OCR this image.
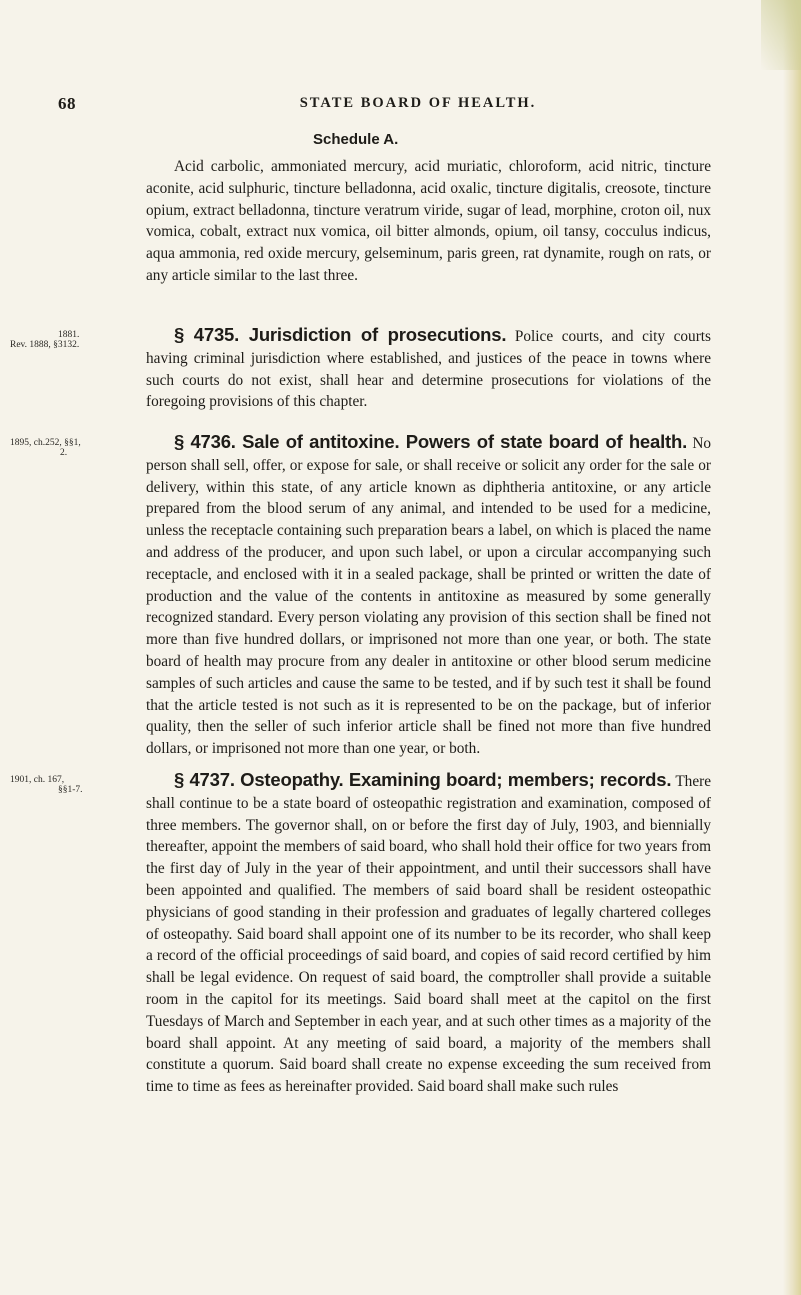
68	STATE BOARD OF HEALTH.
Schedule A.

Acid carbolic, ammoniated mercury, acid muriatic, chloroform, acid nitric, tincture aconite, acid sulphuric, tincture belladonna, acid oxalic, tincture digitalis, creosote, tincture opium, extract belladonna, tincture veratrum viride, sugar of lead, morphine, croton oil, nux vomica, cobalt, extract nux vomica, oil bitter almonds, opium, oil tansy, cocculus indicus, aqua ammonia, red oxide mercury, gelseminum, paris green, rat dynamite, rough on rats, or any article similar to the last three.

1881.
Rev. 1888, §3132.	§ 4735. Jurisdiction of prosecutions. Police courts, and city courts having criminal jurisdiction where established, and justices of the peace in towns where such courts do not exist, shall hear and determine prosecutions for violations of the foregoing provisions of this chapter.

1895, ch.252, §§1,
2.

§ 4736. Sale of antitoxine. Powers of state board of health. No person shall sell, offer, or expose for sale, or shall receive or solicit any order for the sale or delivery, within this state, of any article known as diphtheria antitoxine, or any article prepared from the blood serum of any animal, and intended to be used for a medicine, unless the receptacle containing such preparation bears a label, on which is placed the name and address of the producer, and upon such label, or upon a circular accompanying such receptacle, and enclosed with it in a sealed package, shall be printed or written the date of production and the value of the contents in antitoxine as measured by some generally recognized standard. Every person violating any provision of this section shall be fined not more than five hundred dollars, or imprisoned not more than one year, or both. The state board of health may procure from any dealer in antitoxine or other blood serum medicine samples of such articles and cause the same to be tested, and if by such test it shall be found that the article tested is not such as it is represented to be on the package, but of inferior quality, then the seller of such inferior article shall be fined not more than five hundred dollars, or imprisoned not more than one year, or both.

1901, ch. 167,
§§1-7.	§ 4737. Osteopathy. Examining board; members; records. There shall continue to be a state board of osteopathic registration and examination, composed of three members. The governor shall, on or before the first day of July, 1903, and biennially thereafter, appoint the members of said board, who shall hold their office for two years from the first day of July in the year of their appointment, and until their successors shall have been appointed and qualified. The members of said board shall be resident osteopathic physicians of good standing in their profession and graduates of legally chartered colleges of osteopathy. Said board shall appoint one of its number to be its recorder, who shall keep a record of the official proceedings of said board, and copies of said record certified by him shall be legal evidence. On request of said board, the comptroller shall provide a suitable room in the capitol for its meetings. Said board shall meet at the capitol on the first Tuesdays of March and September in each year, and at such other times as a majority of the board shall appoint. At any meeting of said board, a majority of the members shall constitute a quorum. Said board shall create no expense exceeding the sum received from time to time as fees as hereinafter provided. Said board shall make such rules
